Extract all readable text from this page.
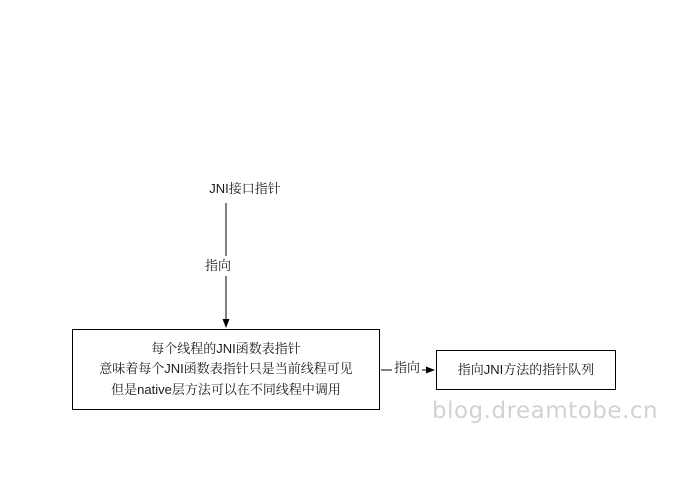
JNI接口指针
指向
指向
每个线程的JNI函数表指针
意味着每个JNI函数表指针只是当前线程可见
但是native层方法可以在不同线程中调用
指向JNI方法的指针队列
blog.dreamtobe.cn
